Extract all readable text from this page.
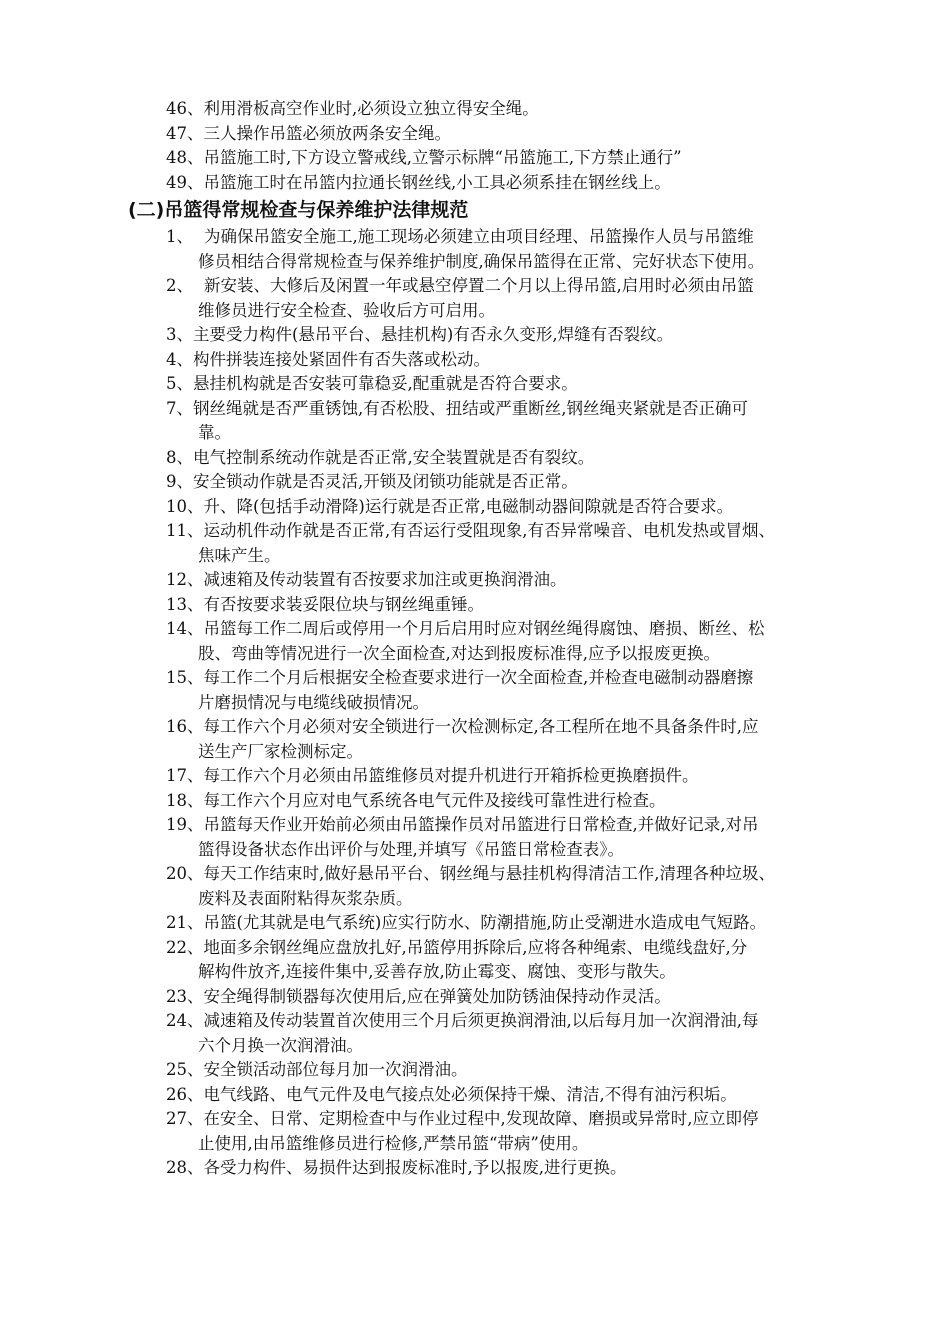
46、利用滑板高空作业时,必须设立独立得安全绳。
47、三人操作吊篮必须放两条安全绳。
48、吊篮施工时,下方设立警戒线,立警示标牌“吊篮施工,下方禁止通行”
49、吊篮施工时在吊篮内拉通长钢丝线,小工具必须系挂在钢丝线上。
(二)吊篮得常规检查与保养维护法律规范
1、 为确保吊篮安全施工,施工现场必须建立由项目经理、吊篮操作人员与吊篮维
修员相结合得常规检查与保养维护制度,确保吊篮得在正常、完好状态下使用。
2、 新安装、大修后及闲置一年或悬空停置二个月以上得吊篮,启用时必须由吊篮
维修员进行安全检查、验收后方可启用。
3、 主要受力构件(悬吊平台、悬挂机构)有否永久变形,焊缝有否裂纹。
4、 构件拼装连接处紧固件有否失落或松动。
5、 悬挂机构就是否安装可靠稳妥,配重就是否符合要求。
7、 钢丝绳就是否严重锈蚀,有否松股、扭结或严重断丝,钢丝绳夹紧就是否正确可
靠。
8、 电气控制系统动作就是否正常,安全装置就是否有裂纹。
9、 安全锁动作就是否灵活,开锁及闭锁功能就是否正常。
10、 升、降(包括手动滑降)运行就是否正常,电磁制动器间隙就是否符合要求。
11、 运动机件动作就是否正常,有否运行受阻现象,有否异常噪音、电机发热或冒烟、
焦味产生。
12、 减速箱及传动装置有否按要求加注或更换润滑油。
13、 有否按要求装妥限位块与钢丝绳重锤。
14、 吊篮每工作二周后或停用一个月后启用时应对钢丝绳得腐蚀、磨损、断丝、松
股、弯曲等情况进行一次全面检查,对达到报废标准得,应予以报废更换。
15、 每工作二个月后根据安全检查要求进行一次全面检查,并检查电磁制动器磨擦
片磨损情况与电缆线破损情况。
16、 每工作六个月必须对安全锁进行一次检测标定,各工程所在地不具备条件时,应
送生产厂家检测标定。
17、 每工作六个月必须由吊篮维修员对提升机进行开箱拆检更换磨损件。
18、 每工作六个月应对电气系统各电气元件及接线可靠性进行检查。
19、 吊篮每天作业开始前必须由吊篮操作员对吊篮进行日常检查,并做好记录,对吊
篮得设备状态作出评价与处理,并填写《吊篮日常检查表》。
20、 每天工作结束时,做好悬吊平台、钢丝绳与悬挂机构得清洁工作,清理各种垃圾、
废料及表面附粘得灰浆杂质。
21、 吊篮(尤其就是电气系统)应实行防水、防潮措施,防止受潮进水造成电气短路。
22、 地面多余钢丝绳应盘放扎好,吊篮停用拆除后,应将各种绳索、电缆线盘好,分
解构件放齐,连接件集中,妥善存放,防止霉变、腐蚀、变形与散失。
23、 安全绳得制锁器每次使用后,应在弹簧处加防锈油保持动作灵活。
24、 减速箱及传动装置首次使用三个月后须更换润滑油,以后每月加一次润滑油,每
六个月换一次润滑油。
25、 安全锁活动部位每月加一次润滑油。
26、 电气线路、电气元件及电气接点处必须保持干燥、清洁,不得有油污积垢。
27、 在安全、日常、定期检查中与作业过程中,发现故障、磨损或异常时,应立即停
止使用,由吊篮维修员进行检修,严禁吊篮“带病”使用。
28、 各受力构件、易损件达到报废标准时,予以报废,进行更换。
